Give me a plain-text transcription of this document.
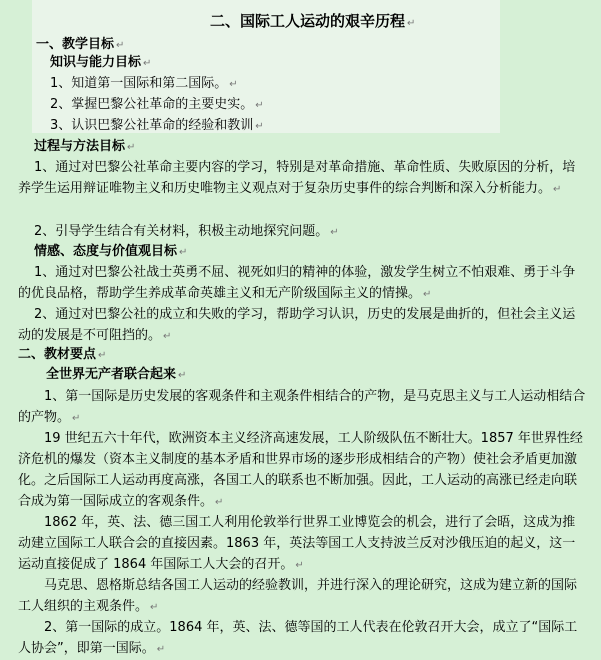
二、国际工人运动的艰辛历程 ↵
一、教学目标 ↵
知识与能力目标 ↵
1、知道第一国际和第二国际。 ↵
2、掌握巴黎公社革命的主要史实。 ↵
3、认识巴黎公社革命的经验和教训 ↵
过程与方法目标 ↵
1、通过对巴黎公社革命主要内容的学习，特别是对革命措施、革命性质、失败原因的分析，培养学生运用辩证唯物主义和历史唯物主义观点对于复杂历史事件的综合判断和深入分析能力。 ↵
2、引导学生结合有关材料，积极主动地探究问题。 ↵
情感、态度与价值观目标 ↵
1、通过对巴黎公社战士英勇不屈、视死如归的精神的体验，激发学生树立不怕艰难、勇于斗争的优良品格，帮助学生养成革命英雄主义和无产阶级国际主义的情操。 ↵
2、通过对巴黎公社的成立和失败的学习，帮助学习认识，历史的发展是曲折的，但社会主义运动的发展是不可阻挡的。 ↵
二、教材要点 ↵
全世界无产者联合起来 ↵
1、第一国际是历史发展的客观条件和主观条件相结合的产物，是马克思主义与工人运动相结合的产物。 ↵
19 世纪五六十年代，欧洲资本主义经济高速发展，工人阶级队伍不断壮大。1857 年世界性经济危机的爆发（资本主义制度的基本矛盾和世界市场的逐步形成相结合的产物）使社会矛盾更加激化。之后国际工人运动再度高涨，各国工人的联系也不断加强。因此，工人运动的高涨已经走向联合成为第一国际成立的客观条件。 ↵
1862 年，英、法、德三国工人利用伦敦举行世界工业博览会的机会，进行了会晤，这成为推动建立国际工人联合会的直接因素。1863 年，英法等国工人支持波兰反对沙俄压迫的起义，这一运动直接促成了 1864 年国际工人大会的召开。 ↵
马克思、恩格斯总结各国工人运动的经验教训，并进行深入的理论研究，这成为建立新的国际工人组织的主观条件。 ↵
2、第一国际的成立。1864 年，英、法、德等国的工人代表在伦敦召开大会，成立了“国际工人协会”，即第一国际。 ↵
